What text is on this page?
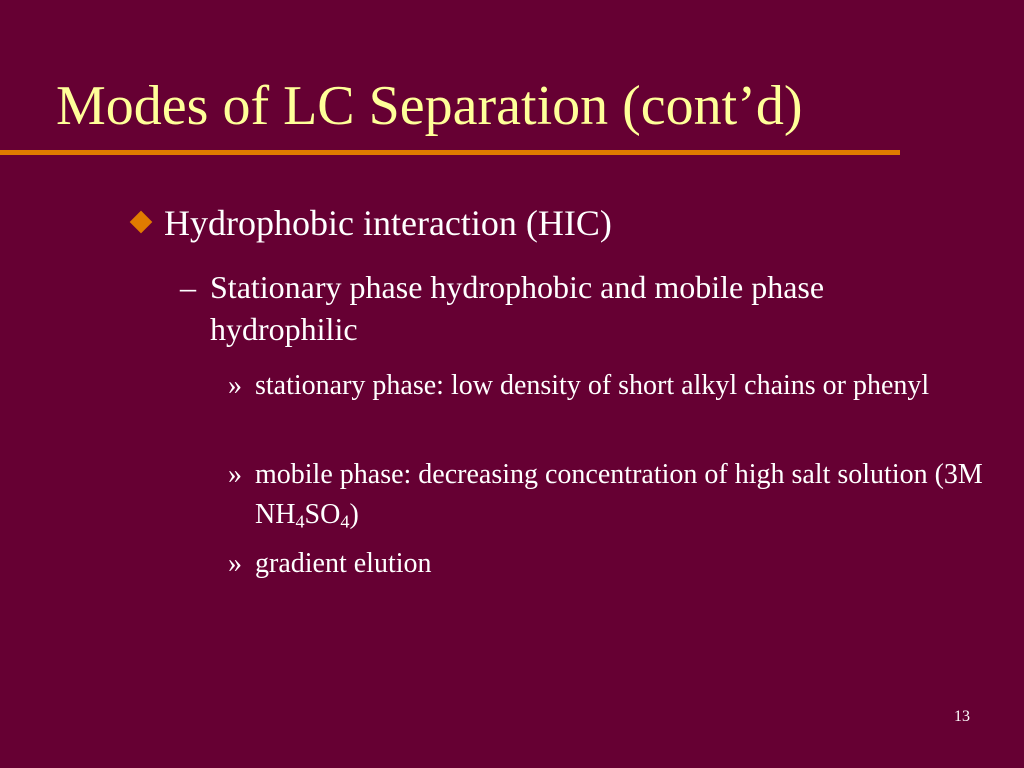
Modes of LC Separation (cont’d)
Hydrophobic interaction (HIC)
– Stationary phase hydrophobic and mobile phase hydrophilic
» stationary phase: low density of short alkyl chains or phenyl
» mobile phase: decreasing concentration of high salt solution (3M $NH_4SO_4$)
» gradient elution
13
